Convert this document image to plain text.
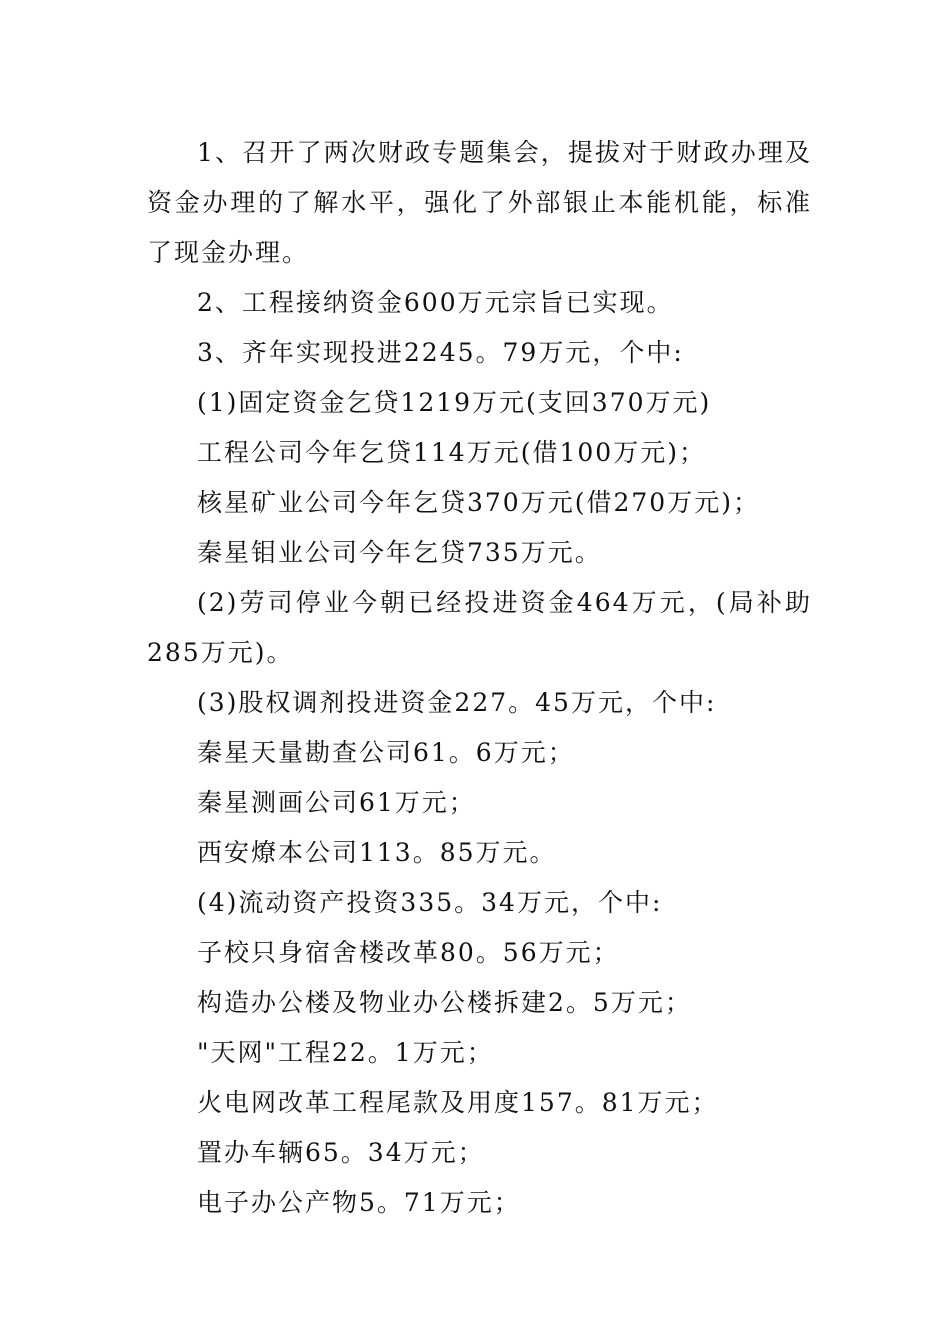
1、召开了两次财政专题集会，提拔对于财政办理及资金办理的了解水平，强化了外部银止本能机能，标准了现金办理。

2、工程接纳资金600万元宗旨已实现。

3、齐年实现投进2245。79万元，个中:

(1)固定资金乞贷1219万元(支回370万元)

工程公司今年乞贷114万元(借100万元)；

核星矿业公司今年乞贷370万元(借270万元)；

秦星钼业公司今年乞贷735万元。

(2)劳司停业今朝已经投进资金464万元，(局补助285万元)。

(3)股权调剂投进资金227。45万元，个中:

秦星天量勘查公司61。6万元；

秦星测画公司61万元；

西安燎本公司113。85万元。

(4)流动资产投资335。34万元，个中:

子校只身宿舍楼改革80。56万元；

构造办公楼及物业办公楼拆建2。5万元；

"天网"工程22。1万元；

火电网改革工程尾款及用度157。81万元；

置办车辆65。34万元；

电子办公产物5。71万元；
